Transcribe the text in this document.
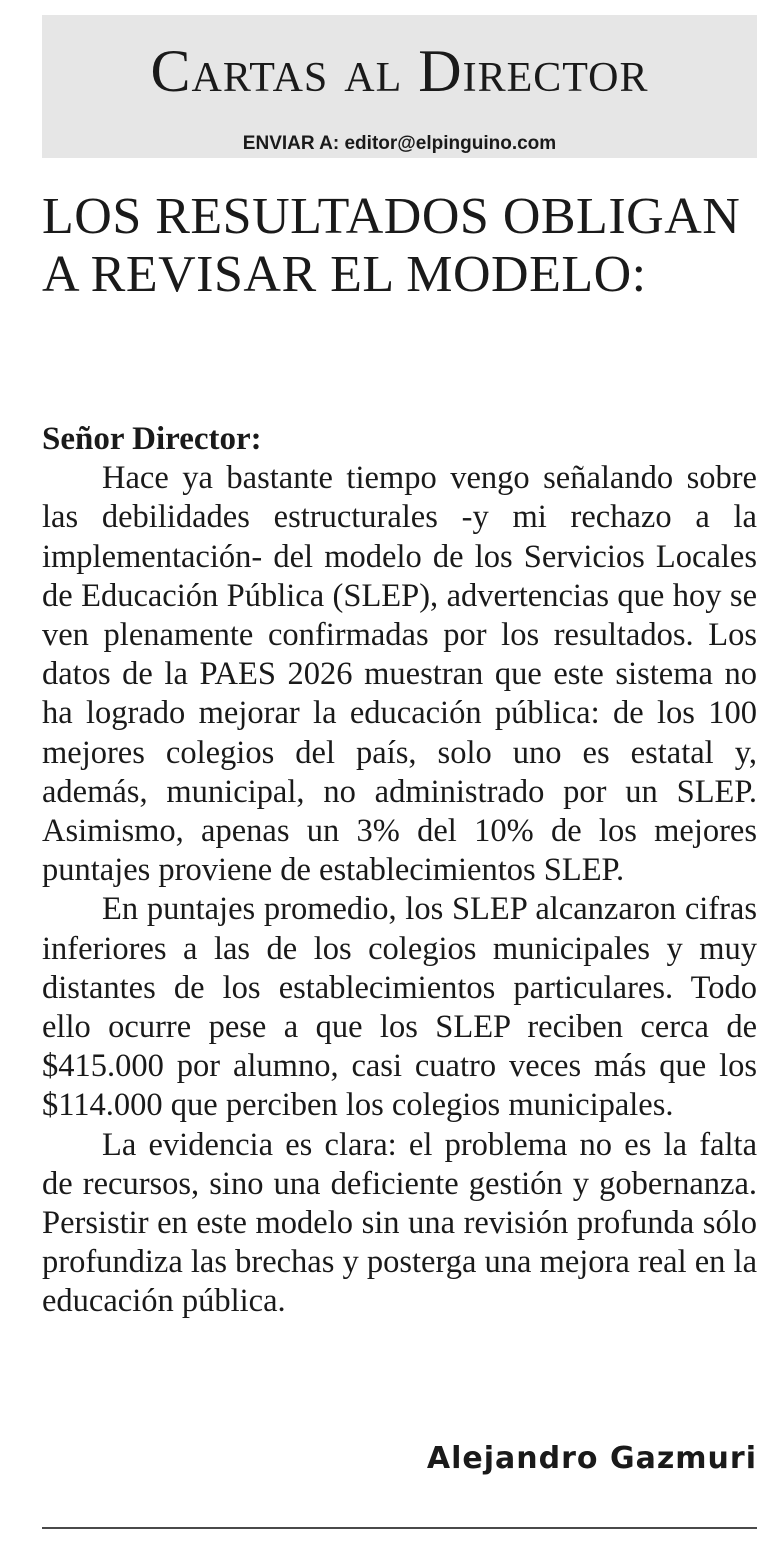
Cartas al Director
ENVIAR A: editor@elpinguino.com
LOS RESULTADOS OBLIGAN A REVISAR EL MODELO:

Señor Director:

Hace ya bastante tiempo vengo señalando sobre las debilidades estructurales -y mi rechazo a la implementación- del modelo de los Servicios Locales de Educación Pública (SLEP), advertencias que hoy se ven plenamente confirmadas por los resultados. Los datos de la PAES 2026 muestran que este sistema no ha logrado mejorar la educación pública: de los 100 mejores colegios del país, solo uno es estatal y, además, municipal, no administrado por un SLEP. Asimismo, apenas un 3% del 10% de los mejores puntajes proviene de establecimientos SLEP.

En puntajes promedio, los SLEP alcanzaron cifras inferiores a las de los colegios municipales y muy distantes de los establecimientos particulares. Todo ello ocurre pese a que los SLEP reciben cerca de $415.000 por alumno, casi cuatro veces más que los $114.000 que perciben los colegios municipales.

La evidencia es clara: el problema no es la falta de recursos, sino una deficiente gestión y gobernanza. Persistir en este modelo sin una revisión profunda sólo profundiza las brechas y posterga una mejora real en la educación pública.

Alejandro Gazmuri
